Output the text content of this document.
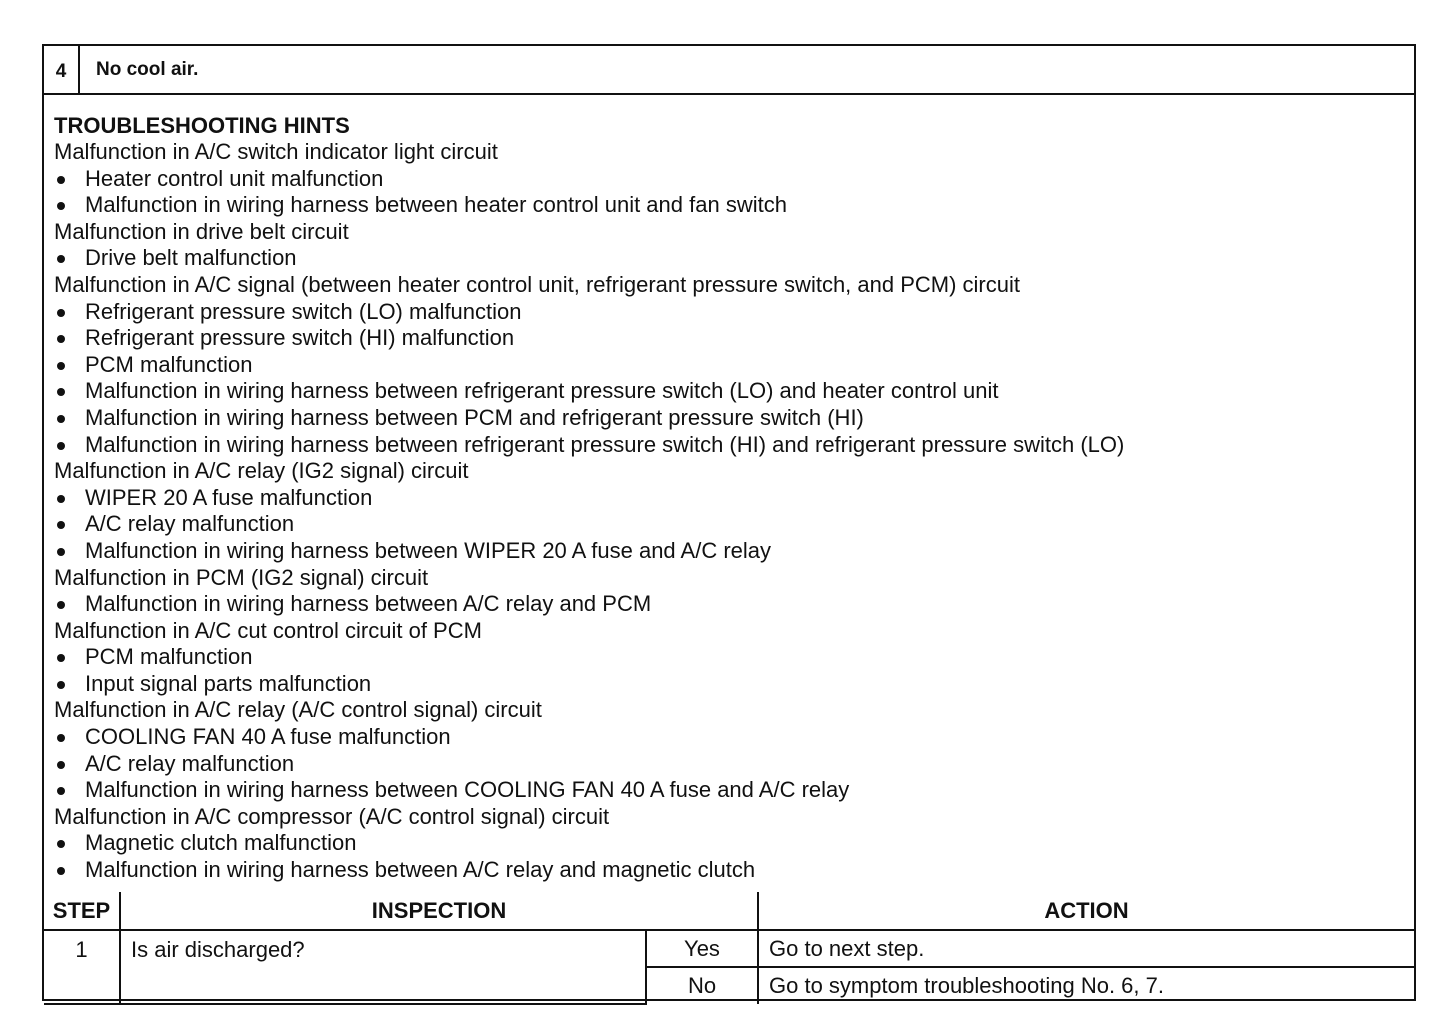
4	No cool air.
TROUBLESHOOTING HINTS
Malfunction in A/C switch indicator light circuit
Heater control unit malfunction
Malfunction in wiring harness between heater control unit and fan switch
Malfunction in drive belt circuit
Drive belt malfunction
Malfunction in A/C signal (between heater control unit, refrigerant pressure switch, and PCM) circuit
Refrigerant pressure switch (LO) malfunction
Refrigerant pressure switch (HI) malfunction
PCM malfunction
Malfunction in wiring harness between refrigerant pressure switch (LO) and heater control unit
Malfunction in wiring harness between PCM and refrigerant pressure switch (HI)
Malfunction in wiring harness between refrigerant pressure switch (HI) and refrigerant pressure switch (LO)
Malfunction in A/C relay (IG2 signal) circuit
WIPER 20 A fuse malfunction
A/C relay malfunction
Malfunction in wiring harness between WIPER 20 A fuse and A/C relay
Malfunction in PCM (IG2 signal) circuit
Malfunction in wiring harness between A/C relay and PCM
Malfunction in A/C cut control circuit of PCM
PCM malfunction
Input signal parts malfunction
Malfunction in A/C relay (A/C control signal) circuit
COOLING FAN 40 A fuse malfunction
A/C relay malfunction
Malfunction in wiring harness between COOLING FAN 40 A fuse and A/C relay
Malfunction in A/C compressor (A/C control signal) circuit
Magnetic clutch malfunction
Malfunction in wiring harness between A/C relay and magnetic clutch
STEP	INSPECTION		ACTION
1	Is air discharged?	Yes	Go to next step.
		No	Go to symptom troubleshooting No. 6, 7.
